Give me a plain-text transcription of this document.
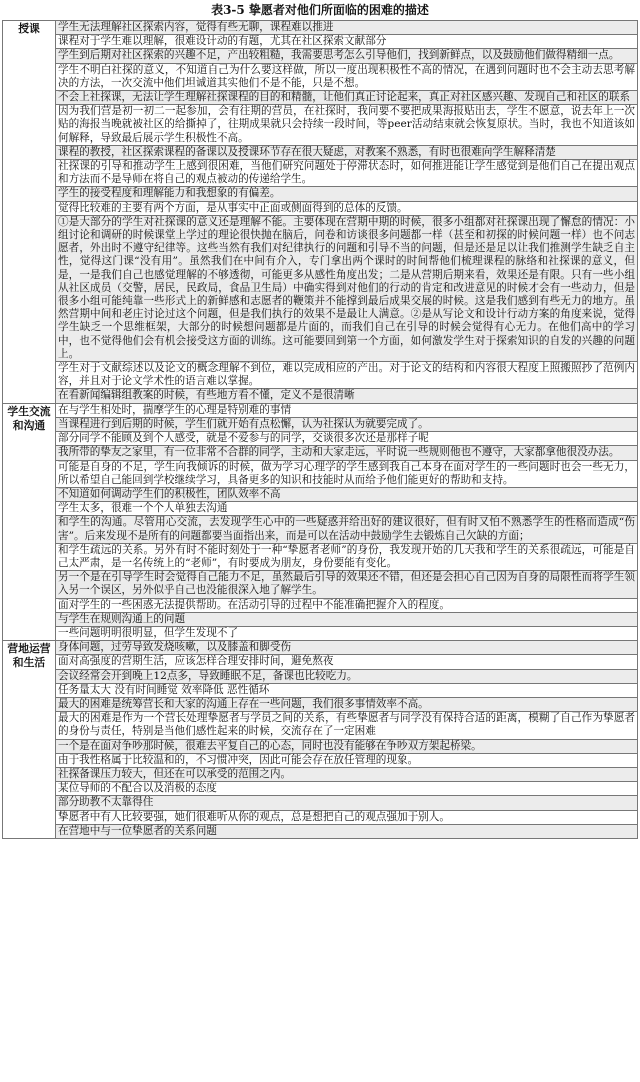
表3-5 挚愿者对他们所面临的困难的描述
授课	学生无法理解社区探索内容，觉得有些无聊，课程难以推进
	课程对于学生难以理解，很难设计动的有题，尤其在社区探索文献部分
	学生到后期对社区探索的兴趣不足，产出较粗糙，我需要思考怎么引导他们，找到新鲜点，以及鼓励他们做得精细一点。
	学生不明白社探的意义，不知道自己为什么要这样做，所以一度出现积极性不高的情况，在遇到问题时也不会主动去思考解决的方法，一次交流中他们坦诚道其实他们不是不能，只是不想。
	不会上社探课，无法让学生理解社探课程的目的和精髓，让他们真正讨论起来，真正对社区感兴趣、发现自己和社区的联系
	因为我们营是初一初二一起参加，会有往期的营员，在社探时，我问要不要把成果海报贴出去，学生不愿意，说去年上一次贴的海报当晚就被社区的给撕掉了，往期成果就只会持续一段时间，等peer活动结束就会恢复原状。当时，我也不知道该如何解释，导致最后展示学生积极性不高。
	课程的教授，社区探索课程的备课以及授课环节存在很大疑虑，对教案不熟悉，有时也很难向学生解释清楚
	社探课的引导和推动学生上感到很困难，当他们研究问题处于停滞状态时，如何推进能让学生感觉到是他们自己在提出观点和方法而不是导师在将自己的观点被动的传递给学生。
	学生的接受程度和理解能力和我想象的有偏差。
	觉得比较难的主要有两个方面，是从事实中正面或侧面得到的总体的反馈。
	①是大部分的学生对社探课的意义还是理解不能。主要体现在营期中期的时候，很多小组都对社探课出现了懈怠的情况：小组讨论和调研的时候课堂上学过的理论很快抛在脑后，问卷和访谈很多问题都一样（甚至和初探的时候问题一样）也不问志愿者，外出时不遵守纪律等。这些当然有我们对纪律执行的问题和引导不当的问题，但是还是足以让我们推测学生缺乏自主性，觉得这门课“没有用”。虽然我们在中间有介入，专门拿出两个课时的时间帮他们梳理课程的脉络和社探课的意义，但是，一是我们自己也感觉理解的不够透彻，可能更多从感性角度出发；二是从营期后期来看，效果还是有限。只有一些小组从社区成员（交警，居民，民政局，食品卫生局）中确实得到对他们的行动的肯定和改进意见的时候才会有一些动力，但是很多小组可能纯靠一些形式上的新鲜感和志愿者的鞭策并不能撑到最后成果交展的时候。这是我们感到有些无力的地方。虽然营期中间和老庄讨论过这个问题，但是我们执行的效果不是最让人满意。②是从写论文和设计行动方案的角度来说，觉得学生缺乏一个思维框架，大部分的时候想问题都是片面的，而我们自己在引导的时候会觉得有心无力。在他们高中的学习中，也不觉得他们会有机会接受这方面的训练。这可能要回到第一个方面，如何激发学生对于探索知识的自发的兴趣的问题上。
	学生对于文献综述以及论文的概念理解不到位，难以完成相应的产出。对于论文的结构和内容很大程度上照搬照抄了范例内容，并且对于论文学术性的语言难以掌握。
	在看新闻编辑组教案的时候，有些地方看不懂，定义不是很清晰
学生交流和沟通	在与学生相处时，揣摩学生的心理是特别难的事情
	当课程进行到后期的时候，学生们就开始有点松懈，认为社探认为就要完成了。
	部分同学不能顾及到个人感受，就是不爱参与的同学，交谈很多次还是那样子呢
	我所带的挚友之家里，有一位非常不合群的同学，主动和大家走远，平时说一些规则他也不遵守，大家都拿他很没办法。
	可能是自身的不足，学生向我倾诉的时候，做为学习心理学的学生感到我自己本身在面对学生的一些问题时也会一些无力，所以希望自己能回到学校继续学习，具备更多的知识和技能时从而给予他们能更好的帮助和支持。
	不知道如何调动学生们的积极性，团队效率不高
	学生太多，很难一个个人单独去沟通
	和学生的沟通。尽管用心交流，去发现学生心中的一些疑惑并给出好的建议很好，但有时又怕不熟悉学生的性格而造成“伤害”。后来发现不是所有的问题都要当面指出来，而是可以在活动中鼓励学生去锻炼自己欠缺的方面；
	和学生疏远的关系。另外有时不能时刻处于一种“挚愿者老师”的身份，我发现开始的几天我和学生的关系很疏远，可能是自己太严肃，是一名传统上的“老师”，有时要成为朋友，身份要能有变化。
	另一个是在引导学生时会觉得自己能力不足，虽然最后引导的效果还不错，但还是会担心自己因为自身的局限性而将学生领入另一个误区，另外似乎自己也没能很深入地了解学生。
	面对学生的一些困惑无法提供帮助。在活动引导的过程中不能准确把握介入的程度。
	与学生在规则沟通上的问题
	一些问题明明很明显，但学生发现不了
营地运营和生活	身体问题，过劳导致发烧咳嗽，以及膝盖和脚受伤
	面对高强度的营期生活，应该怎样合理安排时间，避免熬夜
	会议经常会开到晚上12点多，导致睡眠不足，备课也比较吃力。
	任务量太大 没有时间睡觉 效率降低 恶性循环
	最大的困难是统筹营长和大家的沟通上存在一些问题，我们很多事情效率不高。
	最大的困难是作为一个营长处理挚愿者与学员之间的关系，有些挚愿者与同学没有保持合适的距离，模糊了自己作为挚愿者的身份与责任，特别是当他们感性起来的时候，交流存在了一定困难
	一个是在面对争吵那时候，很难去平复自己的心态，同时也没有能够在争吵双方架起桥梁。
	由于我性格属于比较温和的，不习惯冲突，因此可能会存在放任管理的现象。
	社探备课压力较大，但还在可以承受的范围之内。
	某位导师的不配合以及消极的态度
	部分助教不太靠得住
	挚愿者中有人比较要强，她们很难听从你的观点，总是想把自己的观点强加于别人。
	在营地中与一位挚愿者的关系问题
